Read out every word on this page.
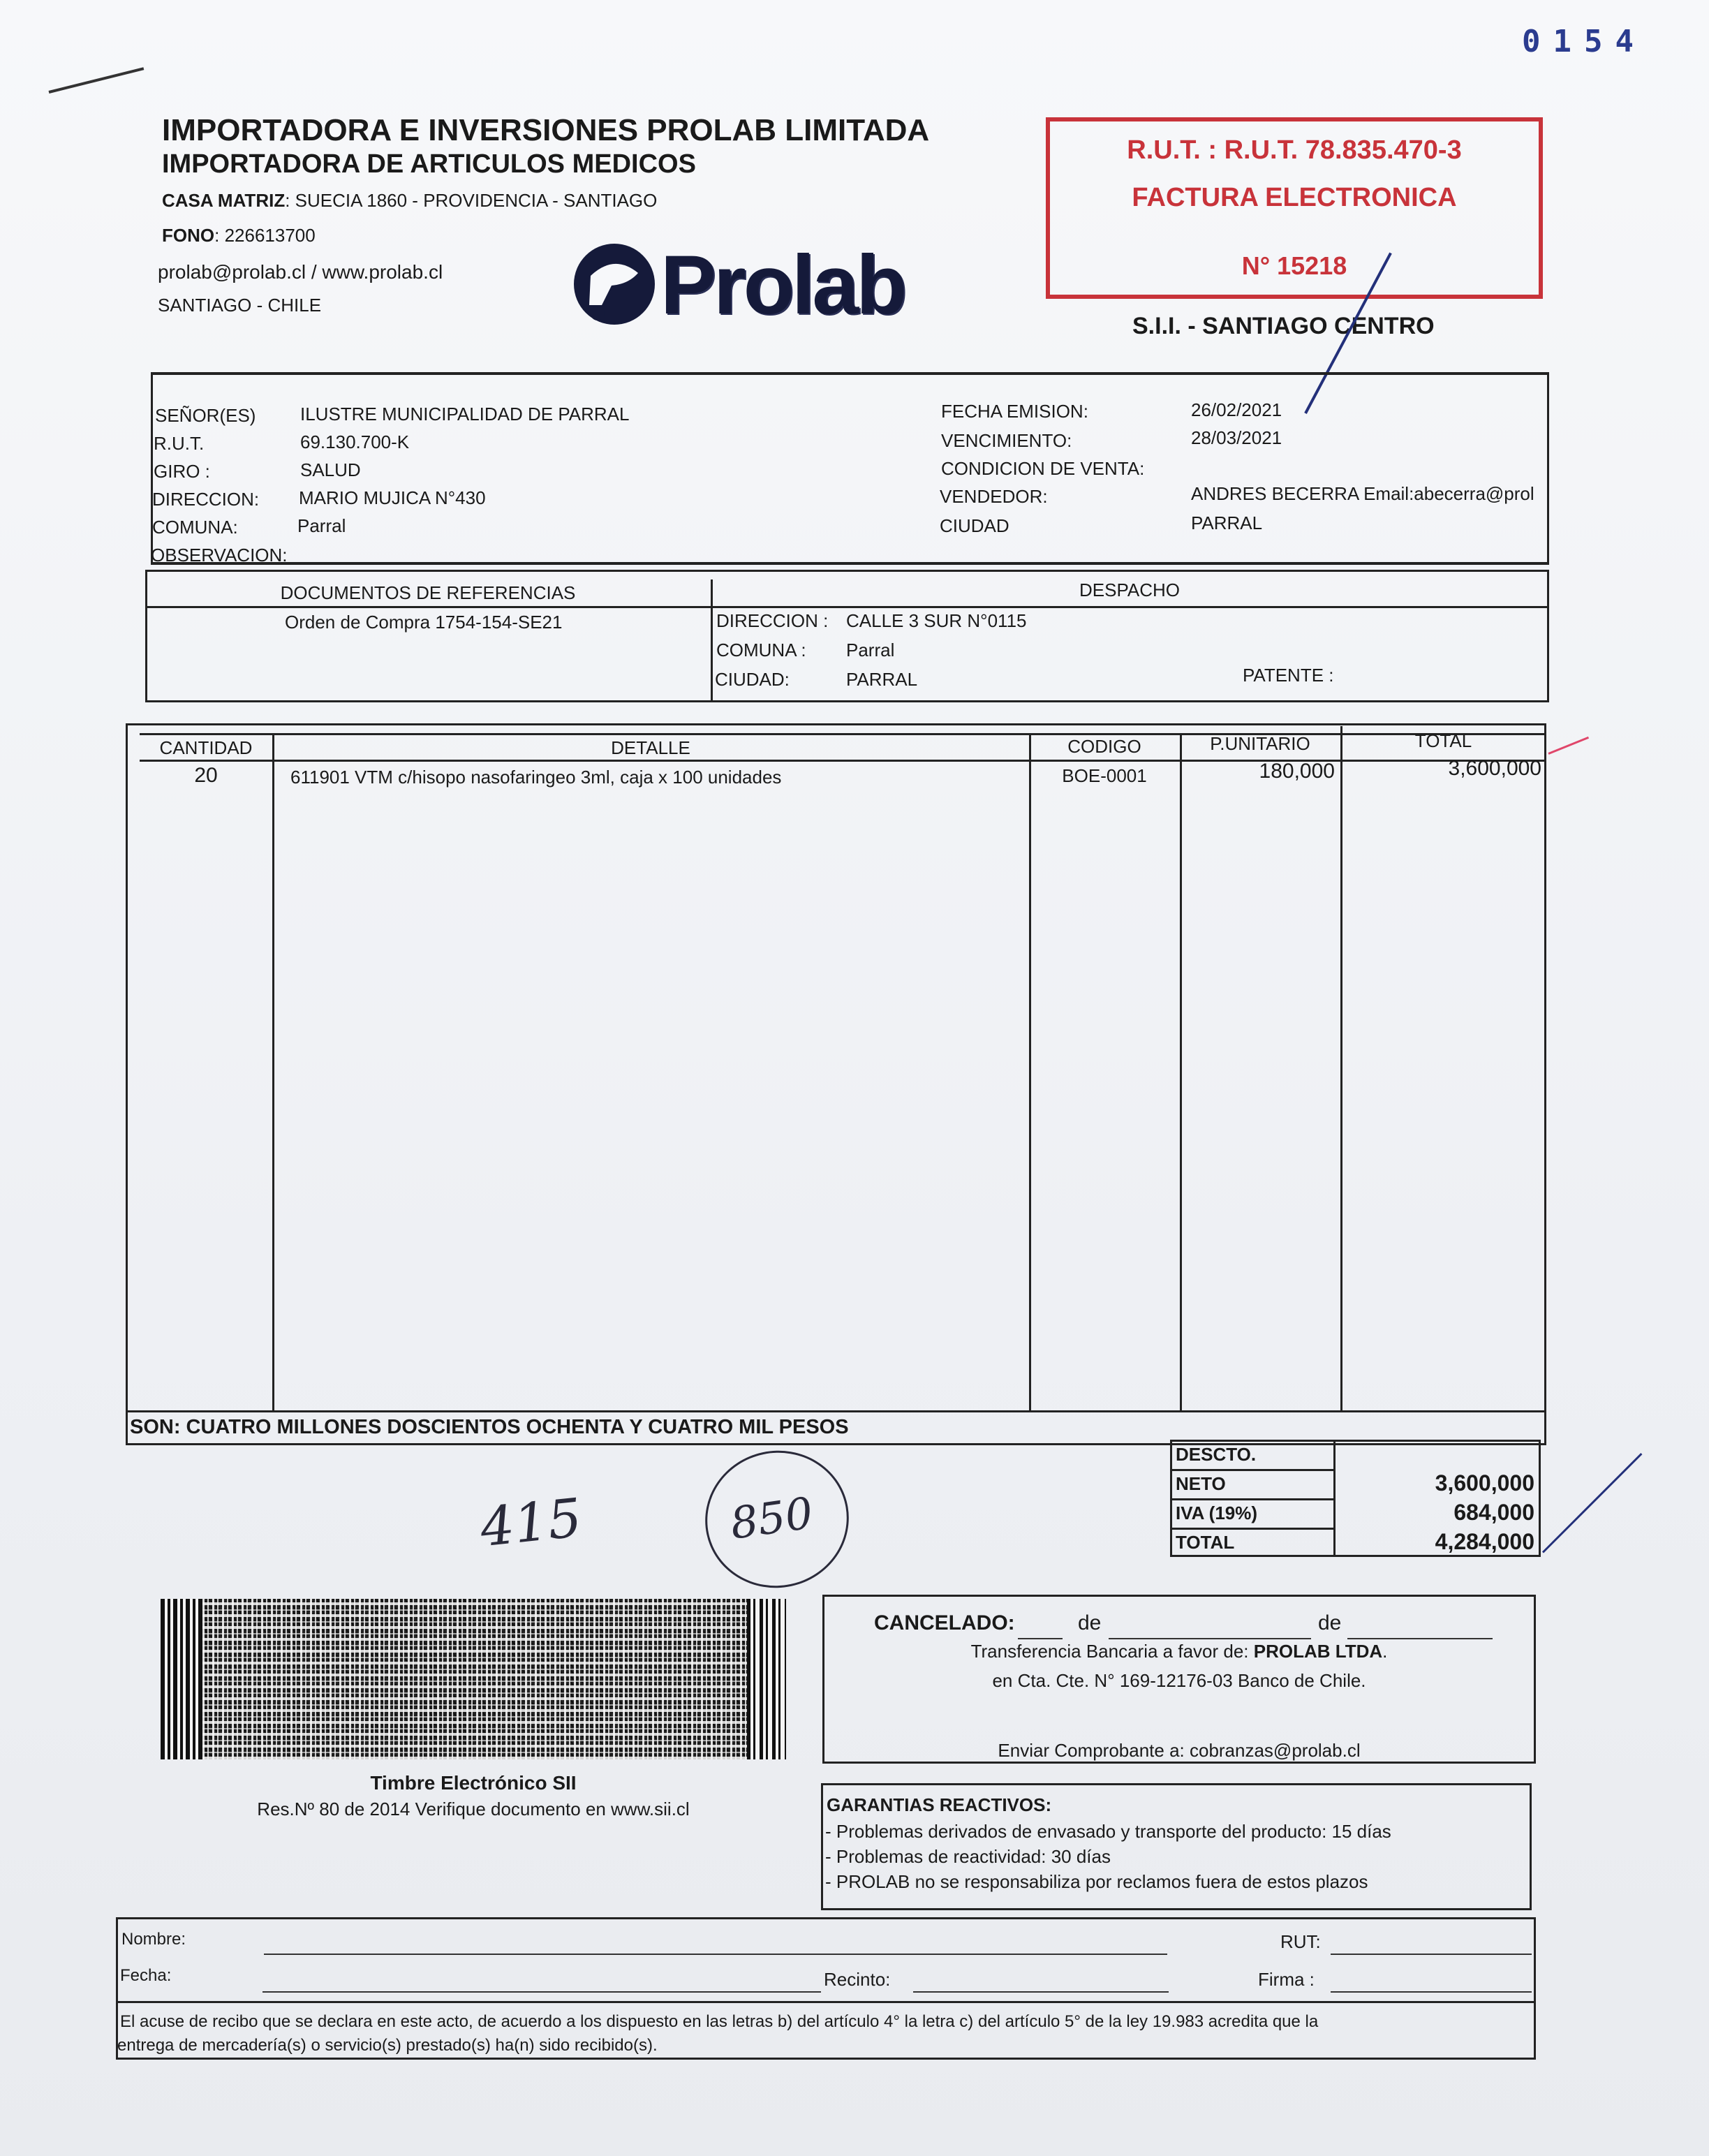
0154
IMPORTADORA E INVERSIONES PROLAB LIMITADA
IMPORTADORA DE ARTICULOS MEDICOS
CASA MATRIZ: SUECIA 1860 - PROVIDENCIA - SANTIAGO
FONO: 226613700
prolab@prolab.cl / www.prolab.cl
SANTIAGO - CHILE	Prolab
R.U.T. : R.U.T. 78.835.470-3
FACTURA ELECTRONICA
N° 15218
S.I.I. - SANTIAGO CENTRO
SEÑOR(ES) ILUSTRE MUNICIPALIDAD DE PARRAL
R.U.T.	69.130.700-K
GIRO :	SALUD
DIRECCION: MARIO MUJICA N°430
COMUNA:	Parral
OBSERVACION:
FECHA EMISION:	26/02/2021
VENCIMIENTO:	28/03/2021
CONDICION DE VENTA:
VENDEDOR:	ANDRES BECERRA Email:abecerra@prol
CIUDAD	PARRAL
DOCUMENTOS DE REFERENCIAS	DESPACHO
Orden de Compra 1754-154-SE21	DIRECCION : CALLE 3 SUR N°0115
COMUNA : Parral
CIUDAD:	PARRAL	PATENTE :
CANTIDAD	DETALLE	CODIGO	P.UNITARIO	TOTAL
20	611901 VTM c/hisopo nasofaringeo 3ml, caja x 100 unidades	BOE-0001	180,000	3,600,000
SON: CUATRO MILLONES DOSCIENTOS OCHENTA Y CUATRO MIL PESOS
DESCTO.
NETO	3,600,000
IVA (19%)	684,000
TOTAL	4,284,000
415	850
Timbre Electrónico SII
Res.Nº 80 de 2014 Verifique documento en www.sii.cl
CANCELADO:	de	de
Transferencia Bancaria a favor de: PROLAB LTDA.
en Cta. Cte. N° 169-12176-03 Banco de Chile.
Enviar Comprobante a: cobranzas@prolab.cl
GARANTIAS REACTIVOS:
- Problemas derivados de envasado y transporte del producto: 15 días
- Problemas de reactividad: 30 días
- PROLAB no se responsabiliza por reclamos fuera de estos plazos
Nombre:	RUT:
Fecha:	Recinto:	Firma :
El acuse de recibo que se declara en este acto, de acuerdo a los dispuesto en las letras b) del artículo 4° la letra c) del artículo 5° de la ley 19.983 acredita que la
entrega de mercadería(s) o servicio(s) prestado(s) ha(n) sido recibido(s).
